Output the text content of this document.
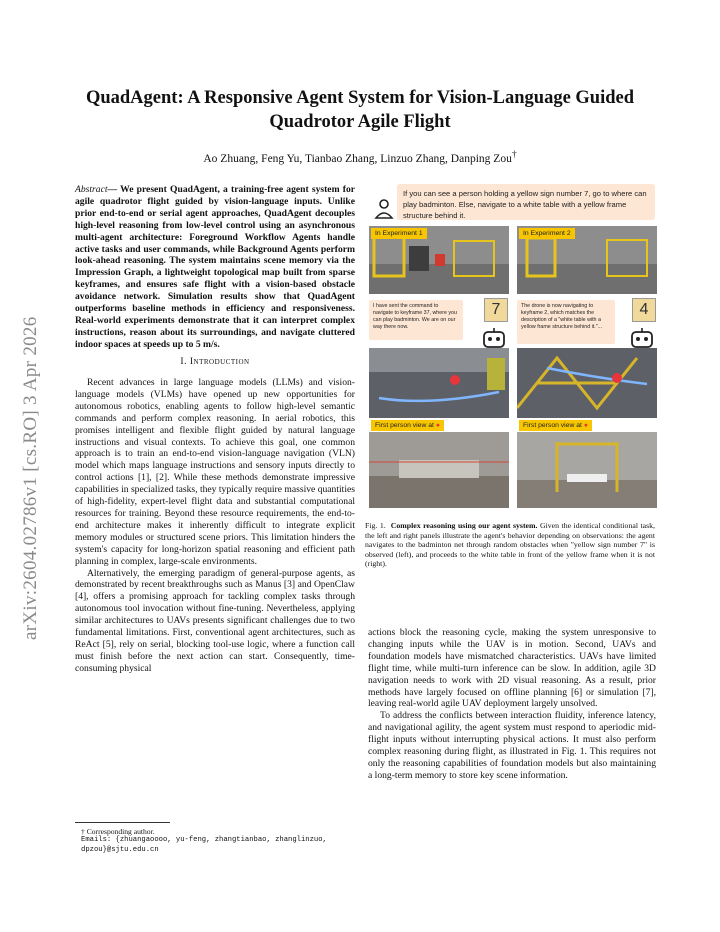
QuadAgent: A Responsive Agent System for Vision-Language Guided Quadrotor Agile Flight
Ao Zhuang, Feng Yu, Tianbao Zhang, Linzuo Zhang, Danping Zou†
arXiv:2604.02786v1 [cs.RO] 3 Apr 2026
Abstract— We present QuadAgent, a training-free agent system for agile quadrotor flight guided by vision-language inputs. Unlike prior end-to-end or serial agent approaches, QuadAgent decouples high-level reasoning from low-level control using an asynchronous multi-agent architecture: Foreground Workflow Agents handle active tasks and user commands, while Background Agents perform look-ahead reasoning. The system maintains scene memory via the Impression Graph, a lightweight topological map built from sparse keyframes, and ensures safe flight with a vision-based obstacle avoidance network. Simulation results show that QuadAgent outperforms baseline methods in efficiency and responsiveness. Real-world experiments demonstrate that it can interpret complex instructions, reason about its surroundings, and navigate cluttered indoor spaces at speeds up to 5 m/s.
I. Introduction

Recent advances in large language models (LLMs) and vision-language models (VLMs) have opened up new opportunities for autonomous robotics, enabling agents to follow high-level semantic commands and perform complex reasoning. In aerial robotics, this promises intelligent and flexible flight guided by natural language instructions and visual contexts. To achieve this goal, one common approach is to train an end-to-end vision-language navigation (VLN) model which maps language instructions and sensory inputs directly to control actions [1], [2]. While these methods demonstrate impressive capabilities in specialized tasks, they typically require massive quantities of high-fidelity, expert-level flight data and substantial computational resources for training. Beyond these resource requirements, the end-to-end architecture makes it inherently difficult to integrate explicit memory modules or structured scene priors. This limitation hinders the system's capacity for long-horizon spatial reasoning and efficient path planning in complex, large-scale environments.

Alternatively, the emerging paradigm of general-purpose agents, as demonstrated by recent breakthroughs such as Manus [3] and OpenClaw [4], offers a promising approach for tackling complex tasks through autonomous tool invocation without fine-tuning. Nevertheless, applying similar architectures to UAVs presents significant challenges due to two fundamental limitations. First, conventional agent architectures, such as ReAct [5], rely on serial, blocking tool-use logic, where a function call must finish before the next action can start. Consequently, time-consuming physical

† Corresponding author.
Emails: {zhuangaoooo, yu-feng, zhangtianbao, zhanglinzuo, dpzou}@sjtu.edu.cn
If you can see a person holding a yellow sign number 7, go to where can play badminton. Else, navigate to a white table with a yellow frame structure behind it.
In Experiment 1
I have sent the command to navigate to keyframe 37, where you can play badminton. We are on our way there now.
7
First person view at ●
In Experiment 2
The drone is now navigating to keyframe 2, which matches the description of a "white table with a yellow frame structure behind it."...
4
First person view at ●
Fig. 1. Complex reasoning using our agent system. Given the identical conditional task, the left and right panels illustrate the agent's behavior depending on observations: the agent navigates to the badminton net through random obstacles when "yellow sign number 7" is observed (left), and proceeds to the white table in front of the yellow frame when it is not (right).

actions block the reasoning cycle, making the system unresponsive to changing inputs while the UAV is in motion. Second, UAVs and foundation models have mismatched characteristics. UAVs have limited flight time, while multi-turn inference can be slow. In addition, agile 3D navigation needs to work with 2D visual reasoning. As a result, prior methods have largely focused on offline planning [6] or simulation [7], leaving real-world agile UAV deployment largely unsolved.

To address the conflicts between interaction fluidity, inference latency, and navigational agility, the agent system must respond to aperiodic mid-flight inputs without interrupting physical actions. It must also perform complex reasoning during flight, as illustrated in Fig. 1. This requires not only the reasoning capabilities of foundation models but also maintaining a long-term memory to store key scene information.
